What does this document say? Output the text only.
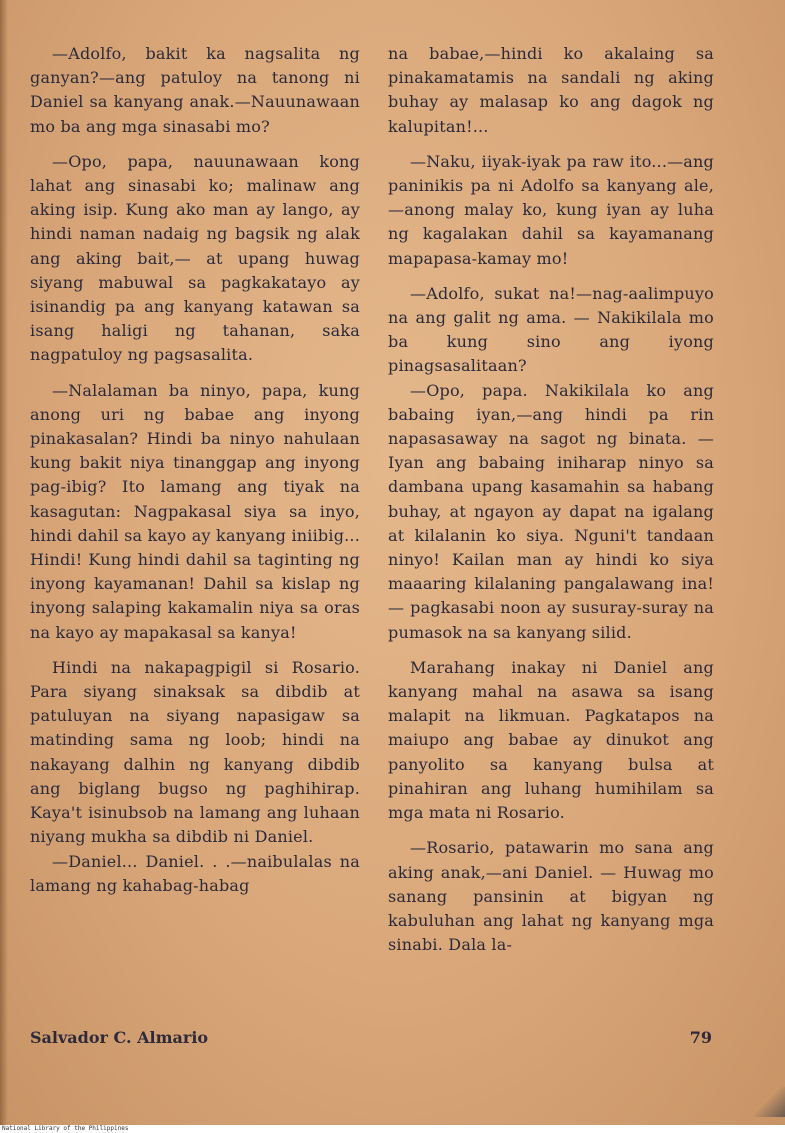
—Adolfo, bakit ka nagsalita ng ganyan?—ang patuloy na tanong ni Daniel sa kanyang anak.—Nauunawaan mo ba ang mga sinasabi mo?

—Opo, papa, nauunawaan kong lahat ang sinasabi ko; malinaw ang aking isip. Kung ako man ay lango, ay hindi naman nadaig ng bagsik ng alak ang aking bait,— at upang huwag siyang mabuwal sa pagkakatayo ay isinandig pa ang kanyang katawan sa isang haligi ng tahanan, saka nagpatuloy ng pagsasalita.

—Nalalaman ba ninyo, papa, kung anong uri ng babae ang inyong pinakasalan? Hindi ba ninyo nahulaan kung bakit niya tinanggap ang inyong pag-ibig? Ito lamang ang tiyak na kasagutan: Nagpakasal siya sa inyo, hindi dahil sa kayo ay kanyang iniibig... Hindi! Kung hindi dahil sa taginting ng inyong kayamanan! Dahil sa kislap ng inyong salaping kakamalin niya sa oras na kayo ay mapakasal sa kanya!

Hindi na nakapagpigil si Rosario. Para siyang sinaksak sa dibdib at patuluyan na siyang napasigaw sa matinding sama ng loob; hindi na nakayang dalhin ng kanyang dibdib ang biglang bugso ng paghihirap. Kaya't isinubsob na lamang ang luhaan niyang mukha sa dibdib ni Daniel.

—Daniel... Daniel. . .—naibulalas na lamang ng kahabag-habag

na babae,—hindi ko akalaing sa pinakamatamis na sandali ng aking buhay ay malasap ko ang dagok ng kalupitan!...

—Naku, iiyak-iyak pa raw ito...—ang paninikis pa ni Adolfo sa kanyang ale,—anong malay ko, kung iyan ay luha ng kagalakan dahil sa kayamanang mapapasa-kamay mo!

—Adolfo, sukat na!—nag-aalimpuyo na ang galit ng ama. — Nakikilala mo ba kung sino ang iyong pinagsasalitaan?

—Opo, papa. Nakikilala ko ang babaing iyan,—ang hindi pa rin napasasaway na sagot ng binata. —Iyan ang babaing iniharap ninyo sa dambana upang kasamahin sa habang buhay, at ngayon ay dapat na igalang at kilalanin ko siya. Nguni't tandaan ninyo! Kailan man ay hindi ko siya maaaring kilalaning pangalawang ina! — pagkasabi noon ay susuray-suray na pumasok na sa kanyang silid.

Marahang inakay ni Daniel ang kanyang mahal na asawa sa isang malapit na likmuan. Pagkatapos na maiupo ang babae ay dinukot ang panyolito sa kanyang bulsa at pinahiran ang luhang humihilam sa mga mata ni Rosario.

—Rosario, patawarin mo sana ang aking anak,—ani Daniel. — Huwag mo sanang pansinin at bigyan ng kabuluhan ang lahat ng kanyang mga sinabi. Dala la-

Salvador C. Almario	79
National Library of the Philippines
